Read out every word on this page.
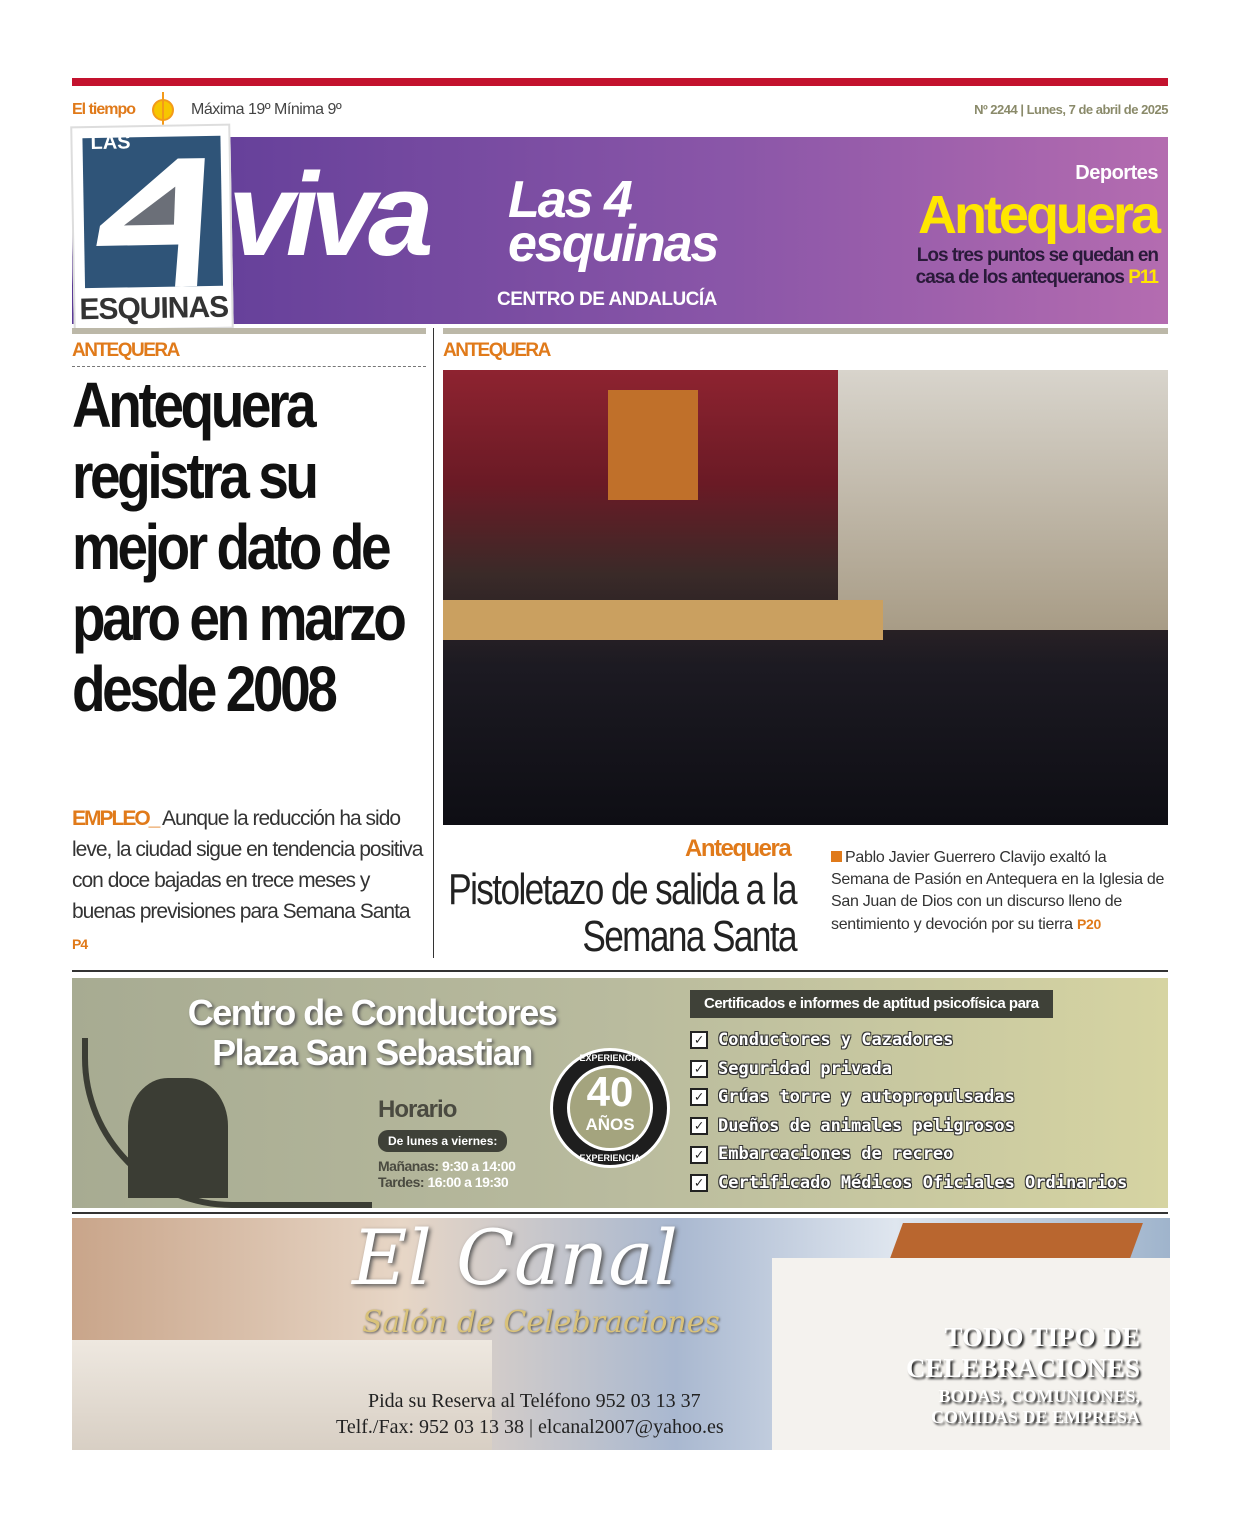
El tiempo	Máxima 19º Mínima 9º	Nº 2244 | Lunes, 7 de abril de 2025
LAS
ESQUINAS
viva Las 4
esquinas
CENTRO DE ANDALUCÍA
Deportes
Antequera
Los tres puntos se quedan en casa de los antequeranos P11
ANTEQUERA
Antequera registra su mejor dato de paro en marzo desde 2008

EMPLEO_ Aunque la reducción ha sido leve, la ciudad sigue en tendencia positiva con doce bajadas en trece meses y buenas previsiones para Semana Santa P4

ANTEQUERA
Antequera
Pistoletazo de salida a la Semana Santa

Pablo Javier Guerrero Clavijo exaltó la Semana de Pasión en Antequera en la Iglesia de San Juan de Dios con un discurso lleno de sentimiento y devoción por su tierra P20

Centro de Conductores
Plaza San Sebastian
Horario
De lunes a viernes:
Mañanas: 9:30 a 14:00
Tardes: 16:00 a 19:30
EXPERIENCIA
40
AÑOS
EXPERIENCIA
Certificados e informes de aptitud psicofísica para
✓ Conductores y Cazadores
✓ Seguridad privada
✓ Grúas torre y autopropulsadas
✓ Dueños de animales peligrosos
✓ Embarcaciones de recreo
✓ Certificado Médicos Oficiales Ordinarios
El Canal
Salón de Celebraciones
Pida su Reserva al Teléfono 952 03 13 37
Telf./Fax: 952 03 13 38 | elcanal2007@yahoo.es
TODO TIPO DE CELEBRACIONES
BODAS, COMUNIONES, COMIDAS DE EMPRESA
